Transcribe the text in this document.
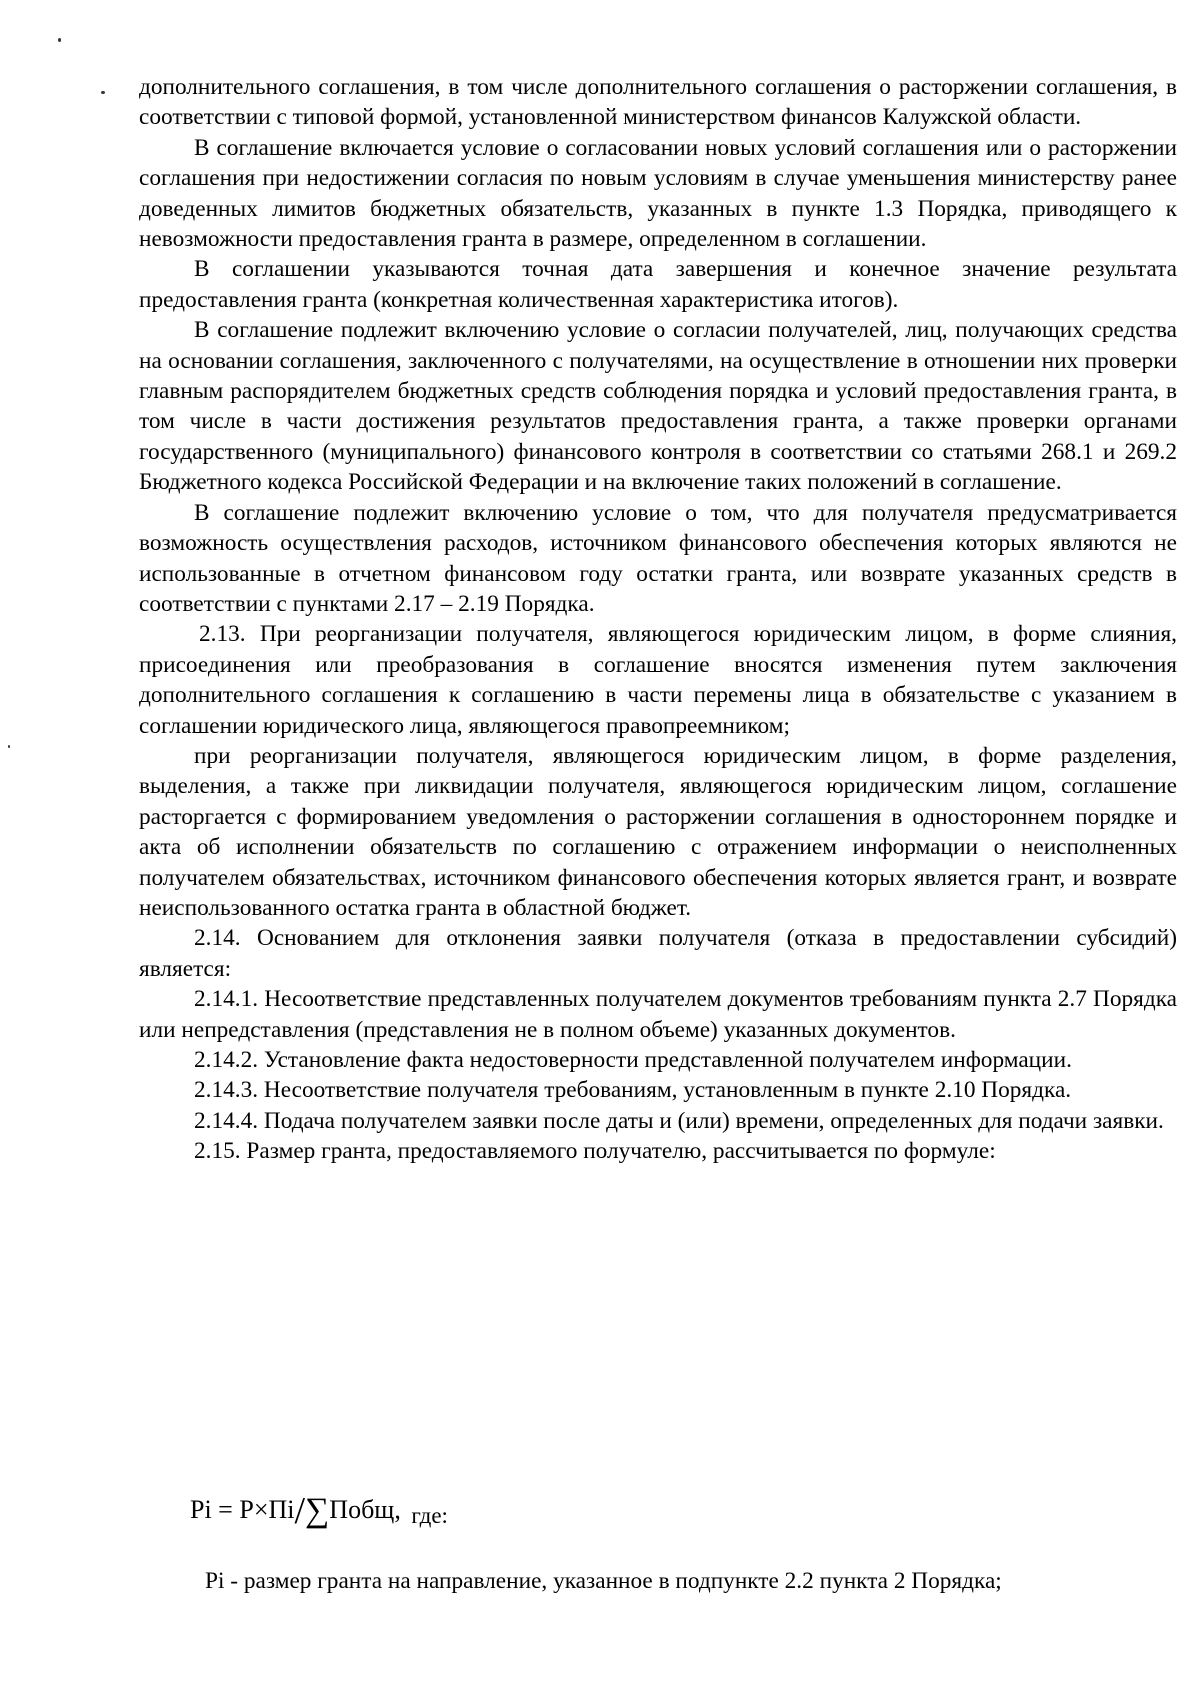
дополнительного соглашения, в том числе дополнительного соглашения о расторжении соглашения, в соответствии с типовой формой, установленной министерством финансов Калужской области.

В соглашение включается условие о согласовании новых условий соглашения или о расторжении соглашения при недостижении согласия по новым условиям в случае уменьшения министерству ранее доведенных лимитов бюджетных обязательств, указанных в пункте 1.3 Порядка, приводящего к невозможности предоставления гранта в размере, определенном в соглашении.

В соглашении указываются точная дата завершения и конечное значение результата предоставления гранта (конкретная количественная характеристика итогов).

В соглашение подлежит включению условие о согласии получателей, лиц, получающих средства на основании соглашения, заключенного с получателями, на осуществление в отношении них проверки главным распорядителем бюджетных средств соблюдения порядка и условий предоставления гранта, в том числе в части достижения результатов предоставления гранта, а также проверки органами государственного (муниципального) финансового контроля в соответствии со статьями 268.1 и 269.2 Бюджетного кодекса Российской Федерации и на включение таких положений в соглашение.

В соглашение подлежит включению условие о том, что для получателя предусматривается возможность осуществления расходов, источником финансового обеспечения которых являются не использованные в отчетном финансовом году остатки гранта, или возврате указанных средств в соответствии с пунктами 2.17 – 2.19 Порядка.

2.13. При реорганизации получателя, являющегося юридическим лицом, в форме слияния, присоединения или преобразования в соглашение вносятся изменения путем заключения дополнительного соглашения к соглашению в части перемены лица в обязательстве с указанием в соглашении юридического лица, являющегося правопреемником;

при реорганизации получателя, являющегося юридическим лицом, в форме разделения, выделения, а также при ликвидации получателя, являющегося юридическим лицом, соглашение расторгается с формированием уведомления о расторжении соглашения в одностороннем порядке и акта об исполнении обязательств по соглашению с отражением информации о неисполненных получателем обязательствах, источником финансового обеспечения которых является грант, и возврате неиспользованного остатка гранта в областной бюджет.

2.14. Основанием для отклонения заявки получателя (отказа в предоставлении субсидий) является:

2.14.1. Несоответствие представленных получателем документов требованиям пункта 2.7 Порядка или непредставления (представления не в полном объеме) указанных документов.

2.14.2. Установление факта недостоверности представленной получателем информации.

2.14.3. Несоответствие получателя требованиям, установленным в пункте 2.10 Порядка.

2.14.4. Подача получателем заявки после даты и (или) времени, определенных для подачи заявки.

2.15. Размер гранта, предоставляемого получателю, рассчитывается по формуле:

Pi = P×Пi/∑Побщ, где:
Pi - размер гранта на направление, указанное в подпункте 2.2 пункта 2 Порядка;
